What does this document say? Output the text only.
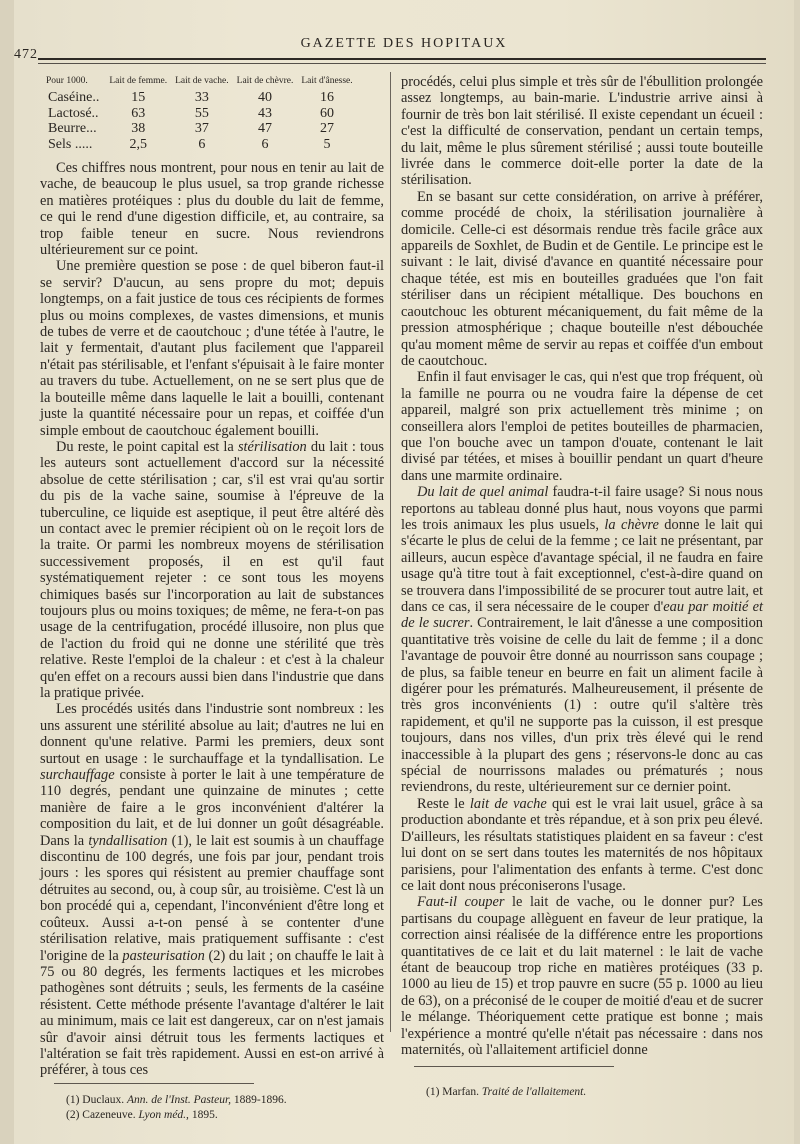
472
GAZETTE DES HOPITAUX
Pour 1000.	Lait de femme.	Lait de vache.	Lait de chèvre.	Lait d'ânesse.
Caséine..	15	33	40	16
Lactosé..	63	55	43	60
Beurre...	38	37	47	27
Sels .....	2,5	6	6	5

Ces chiffres nous montrent, pour nous en tenir au lait de vache, de beaucoup le plus usuel, sa trop grande richesse en matières protéiques : plus du double du lait de femme, ce qui le rend d'une digestion difficile, et, au contraire, sa trop faible teneur en sucre. Nous reviendrons ultérieurement sur ce point.

Une première question se pose : de quel biberon faut-il se servir? D'aucun, au sens propre du mot; depuis longtemps, on a fait justice de tous ces récipients de formes plus ou moins complexes, de vastes dimensions, et munis de tubes de verre et de caoutchouc ; d'une tétée à l'autre, le lait y fermentait, d'autant plus facilement que l'appareil n'était pas stérilisable, et l'enfant s'épuisait à le faire monter au travers du tube. Actuellement, on ne se sert plus que de la bouteille même dans laquelle le lait a bouilli, contenant juste la quantité nécessaire pour un repas, et coiffée d'un simple embout de caoutchouc également bouilli.

Du reste, le point capital est la stérilisation du lait : tous les auteurs sont actuellement d'accord sur la nécessité absolue de cette stérilisation ; car, s'il est vrai qu'au sortir du pis de la vache saine, soumise à l'épreuve de la tuberculine, ce liquide est aseptique, il peut être altéré dès un contact avec le premier récipient où on le reçoit lors de la traite. Or parmi les nombreux moyens de stérilisation successivement proposés, il en est qu'il faut systématiquement rejeter : ce sont tous les moyens chimiques basés sur l'incorporation au lait de substances toujours plus ou moins toxiques; de même, ne fera-t-on pas usage de la centrifugation, procédé illusoire, non plus que de l'action du froid qui ne donne une stérilité que très relative. Reste l'emploi de la chaleur : et c'est à la chaleur qu'en effet on a recours aussi bien dans l'industrie que dans la pratique privée.

Les procédés usités dans l'industrie sont nombreux : les uns assurent une stérilité absolue au lait; d'autres ne lui en donnent qu'une relative. Parmi les premiers, deux sont surtout en usage : le surchauffage et la tyndallisation. Le surchauffage consiste à porter le lait à une température de 110 degrés, pendant une quinzaine de minutes ; cette manière de faire a le gros inconvénient d'altérer la composition du lait, et de lui donner un goût désagréable. Dans la tyndallisation (1), le lait est soumis à un chauffage discontinu de 100 degrés, une fois par jour, pendant trois jours : les spores qui résistent au premier chauffage sont détruites au second, ou, à coup sûr, au troisième. C'est là un bon procédé qui a, cependant, l'inconvénient d'être long et coûteux. Aussi a-t-on pensé à se contenter d'une stérilisation relative, mais pratiquement suffisante : c'est l'origine de la pasteurisation (2) du lait ; on chauffe le lait à 75 ou 80 degrés, les ferments lactiques et les microbes pathogènes sont détruits ; seuls, les ferments de la caséine résistent. Cette méthode présente l'avantage d'altérer le lait au minimum, mais ce lait est dangereux, car on n'est jamais sûr d'avoir ainsi détruit tous les ferments lactiques et l'altération se fait très rapidement. Aussi en est-on arrivé à préférer, à tous ces

procédés, celui plus simple et très sûr de l'ébullition prolongée assez longtemps, au bain-marie. L'industrie arrive ainsi à fournir de très bon lait stérilisé. Il existe cependant un écueil : c'est la difficulté de conservation, pendant un certain temps, du lait, même le plus sûrement stérilisé ; aussi toute bouteille livrée dans le commerce doit-elle porter la date de la stérilisation.

En se basant sur cette considération, on arrive à préférer, comme procédé de choix, la stérilisation journalière à domicile. Celle-ci est désormais rendue très facile grâce aux appareils de Soxhlet, de Budin et de Gentile. Le principe est le suivant : le lait, divisé d'avance en quantité nécessaire pour chaque tétée, est mis en bouteilles graduées que l'on fait stériliser dans un récipient métallique. Des bouchons en caoutchouc les obturent mécaniquement, du fait même de la pression atmosphérique ; chaque bouteille n'est débouchée qu'au moment même de servir au repas et coiffée d'un embout de caoutchouc.

Enfin il faut envisager le cas, qui n'est que trop fréquent, où la famille ne pourra ou ne voudra faire la dépense de cet appareil, malgré son prix actuellement très minime ; on conseillera alors l'emploi de petites bouteilles de pharmacien, que l'on bouche avec un tampon d'ouate, contenant le lait divisé par tétées, et mises à bouillir pendant un quart d'heure dans une marmite ordinaire.

Du lait de quel animal faudra-t-il faire usage? Si nous nous reportons au tableau donné plus haut, nous voyons que parmi les trois animaux les plus usuels, la chèvre donne le lait qui s'écarte le plus de celui de la femme ; ce lait ne présentant, par ailleurs, aucun espèce d'avantage spécial, il ne faudra en faire usage qu'à titre tout à fait exceptionnel, c'est-à-dire quand on se trouvera dans l'impossibilité de se procurer tout autre lait, et dans ce cas, il sera nécessaire de le couper d'eau par moitié et de le sucrer. Contrairement, le lait d'ânesse a une composition quantitative très voisine de celle du lait de femme ; il a donc l'avantage de pouvoir être donné au nourrisson sans coupage ; de plus, sa faible teneur en beurre en fait un aliment facile à digérer pour les prématurés. Malheureusement, il présente de très gros inconvénients (1) : outre qu'il s'altère très rapidement, et qu'il ne supporte pas la cuisson, il est presque toujours, dans nos villes, d'un prix très élevé qui le rend inaccessible à la plupart des gens ; réservons-le donc au cas spécial de nourrissons malades ou prématurés ; nous reviendrons, du reste, ultérieurement sur ce dernier point.

Reste le lait de vache qui est le vrai lait usuel, grâce à sa production abondante et très répandue, et à son prix peu élevé. D'ailleurs, les résultats statistiques plaident en sa faveur : c'est lui dont on se sert dans toutes les maternités de nos hôpitaux parisiens, pour l'alimentation des enfants à terme. C'est donc ce lait dont nous préconiserons l'usage.

Faut-il couper le lait de vache, ou le donner pur? Les partisans du coupage allèguent en faveur de leur pratique, la correction ainsi réalisée de la différence entre les proportions quantitatives de ce lait et du lait maternel : le lait de vache étant de beaucoup trop riche en matières protéiques (33 p. 1000 au lieu de 15) et trop pauvre en sucre (55 p. 1000 au lieu de 63), on a préconisé de le couper de moitié d'eau et de sucrer le mélange. Théoriquement cette pratique est bonne ; mais l'expérience a montré qu'elle n'était pas nécessaire : dans nos maternités, où l'allaitement artificiel donne

(1) Duclaux. Ann. de l'Inst. Pasteur, 1889-1896.
(2) Cazeneuve. Lyon méd., 1895.
(1) Marfan. Traité de l'allaitement.
